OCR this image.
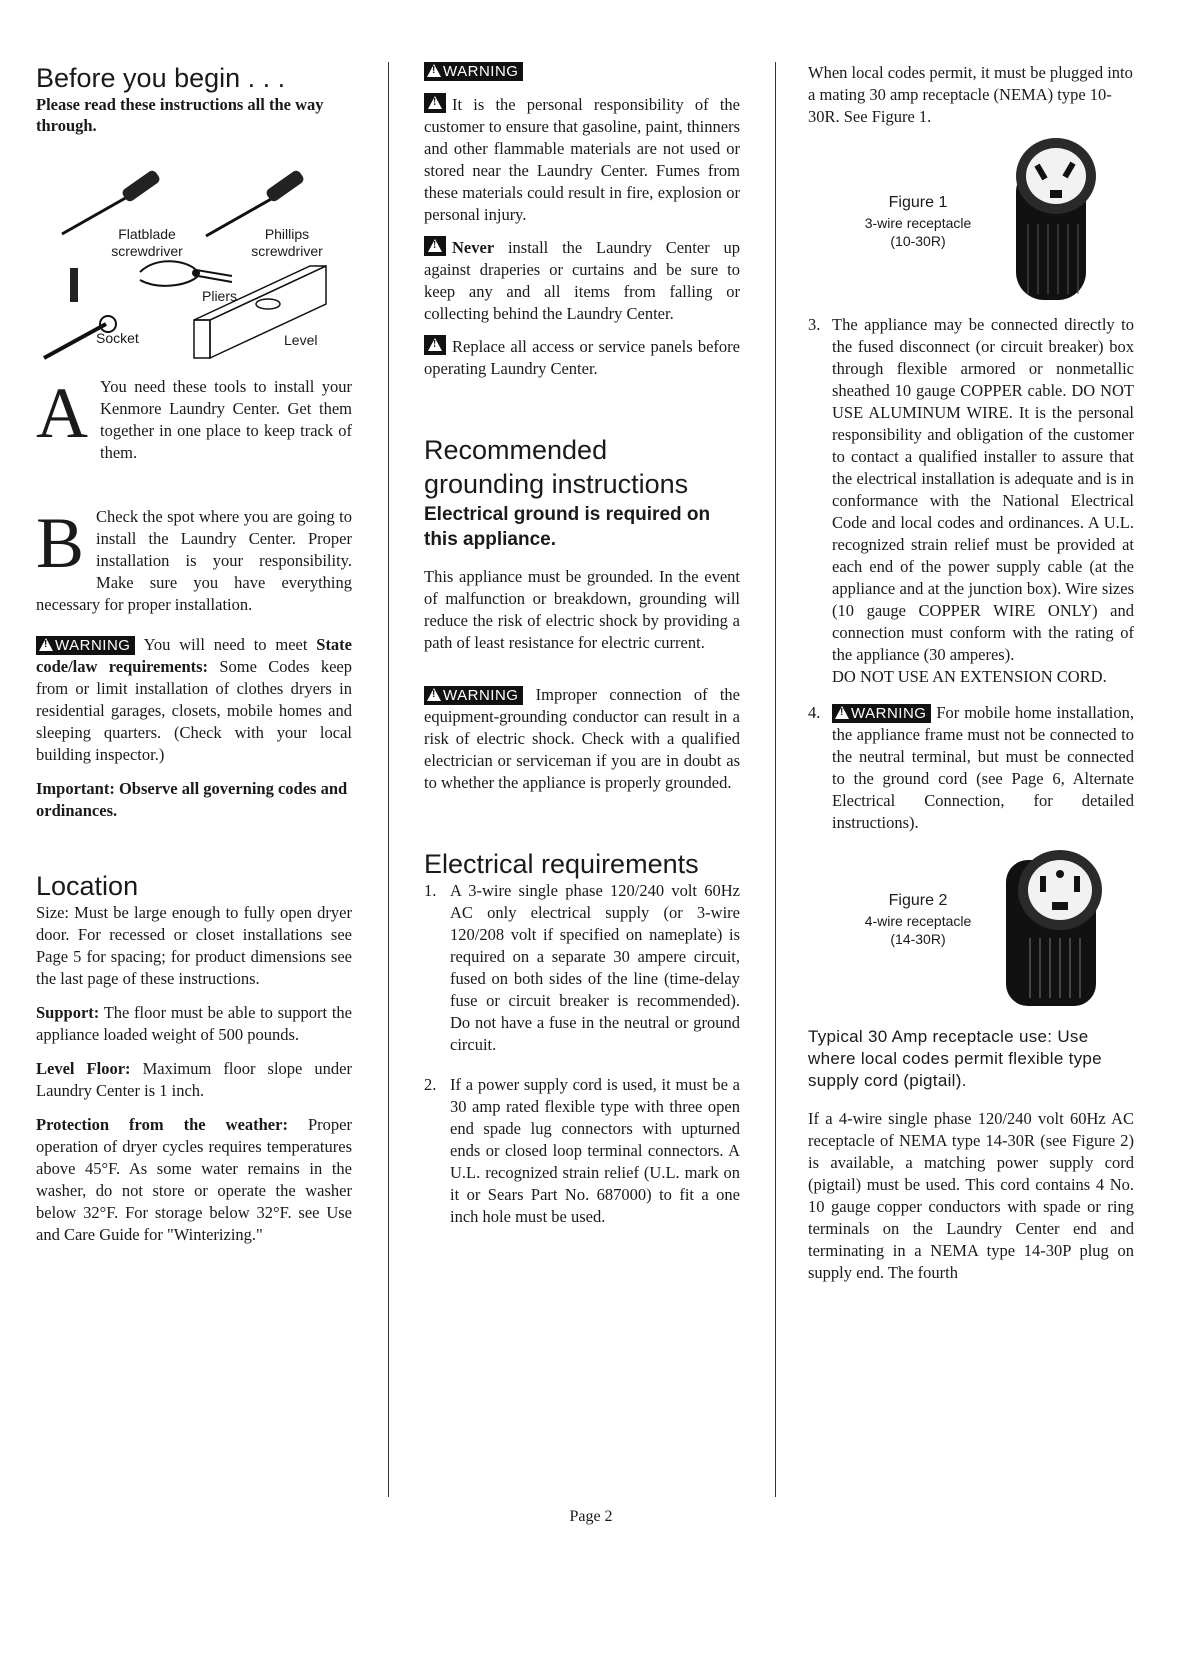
Before you begin . . .

Please read these instructions all the way through.

Flatblade screwdriver
Phillips screwdriver
Pliers
Socket	Level
A You need these tools to install your Kenmore Laundry Center. Get them together in one place to keep track of them.

B Check the spot where you are going to install the Laundry Center. Proper installation is your responsibility. Make sure you have everything necessary for proper installation.

!WARNING You will need to meet State code/law requirements: Some Codes keep from or limit installation of clothes dryers in residential garages, closets, mobile homes and sleeping quarters. (Check with your local building inspector.)

Important: Observe all governing codes and ordinances.

Location

Size: Must be large enough to fully open dryer door. For recessed or closet installations see Page 5 for spacing; for product dimensions see the last page of these instructions.

Support: The floor must be able to support the appliance loaded weight of 500 pounds.

Level Floor: Maximum floor slope under Laundry Center is 1 inch.

Protection from the weather: Proper operation of dryer cycles requires temperatures above 45°F. As some water remains in the washer, do not store or operate the washer below 32°F. For storage below 32°F. see Use and Care Guide for "Winterizing."

!WARNING

!
It is the personal responsibility of the customer to ensure that gasoline, paint, thinners and other flammable materials are not used or stored near the Laundry Center. Fumes from these materials could result in fire, explosion or personal injury.

!
Never install the Laundry Center up against draperies or curtains and be sure to keep any and all items from falling or collecting behind the Laundry Center.

!
Replace all access or service panels before operating Laundry Center.

Recommended
grounding instructions

Electrical ground is required on this appliance.

This appliance must be grounded. In the event of malfunction or breakdown, grounding will reduce the risk of electric shock by providing a path of least resistance for electric current.

!WARNING Improper connection of the equipment-grounding conductor can result in a risk of electric shock. Check with a qualified electrician or serviceman if you are in doubt as to whether the appliance is properly grounded.

Electrical requirements
1. A 3-wire single phase 120/240 volt 60Hz AC only electrical supply (or 3-wire 120/208 volt if specified on nameplate) is required on a separate 30 ampere circuit, fused on both sides of the line (time-delay fuse or circuit breaker is recommended). Do not have a fuse in the neutral or ground circuit.
2. If a power supply cord is used, it must be a 30 amp rated flexible type with three open end spade lug connectors with upturned ends or closed loop terminal connectors. A U.L. recognized strain relief (U.L. mark on it or Sears Part No. 687000) to fit a one inch hole must be used.

When local codes permit, it must be plugged into a mating 30 amp receptacle (NEMA) type 10-30R. See Figure 1.

Figure 1
3-wire receptacle
(10-30R)
3. The appliance may be connected directly to the fused disconnect (or circuit breaker) box through flexible armored or nonmetallic sheathed 10 gauge COPPER cable. DO NOT USE ALUMINUM WIRE. It is the personal responsibility and obligation of the customer to contact a qualified installer to assure that the electrical installation is adequate and is in conformance with the National Electrical Code and local codes and ordinances. A U.L. recognized strain relief must be provided at each end of the power supply cable (at the appliance and at the junction box). Wire sizes (10 gauge COPPER WIRE ONLY) and connection must conform with the rating of the appliance (30 amperes).
DO NOT USE AN EXTENSION CORD.
4.
! WARNING For mobile home installation, the appliance frame must not be connected to the neutral terminal, but must be connected to the ground cord (see Page 6, Alternate Electrical Connection, for detailed instructions).
Figure 2
4-wire receptacle
(14-30R)

Typical 30 Amp receptacle use: Use where local codes permit flexible type supply cord (pigtail).

If a 4-wire single phase 120/240 volt 60Hz AC receptacle of NEMA type 14-30R (see Figure 2) is available, a matching power supply cord (pigtail) must be used. This cord contains 4 No. 10 gauge copper conductors with spade or ring terminals on the Laundry Center end and terminating in a NEMA type 14-30P plug on supply end. The fourth

Page 2
